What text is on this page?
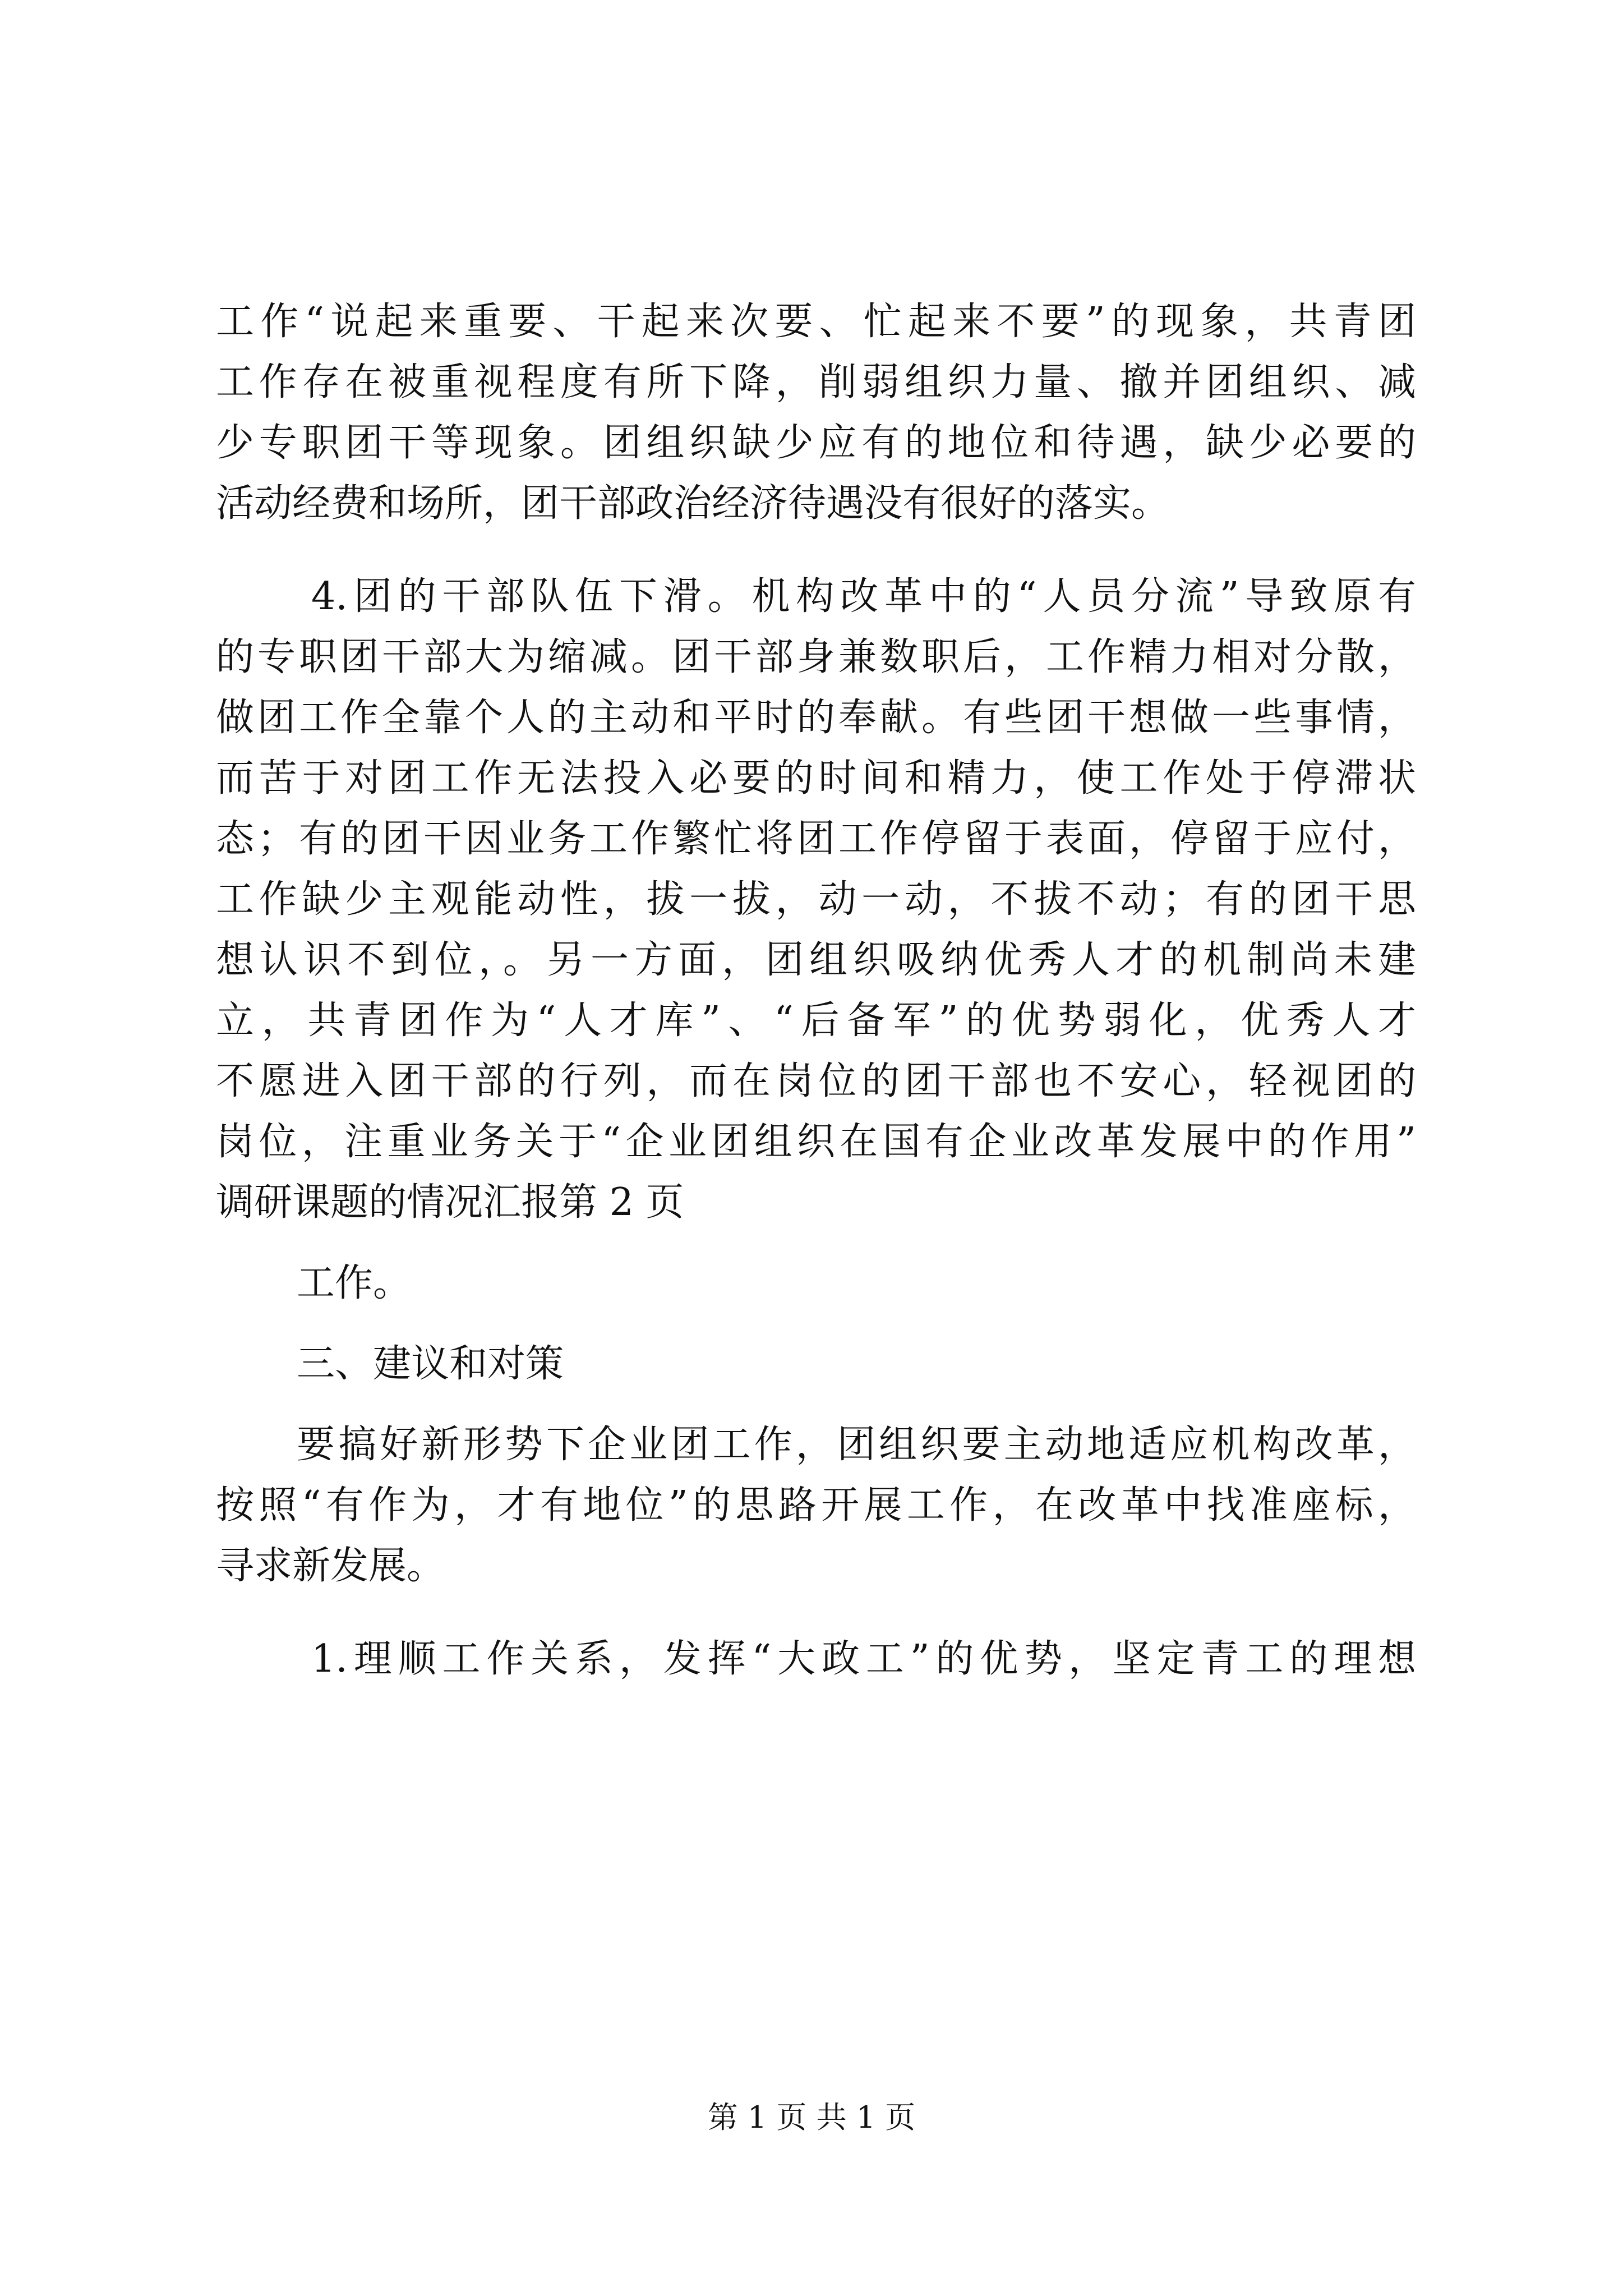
工作“说起来重要、干起来次要、忙起来不要”的现象，共青团
工作存在被重视程度有所下降，削弱组织力量、撤并团组织、减
少专职团干等现象。团组织缺少应有的地位和待遇，缺少必要的
活动经费和场所，团干部政治经济待遇没有很好的落实。
4.团的干部队伍下滑。机构改革中的“人员分流”导致原有
的专职团干部大为缩减。团干部身兼数职后，工作精力相对分散，
做团工作全靠个人的主动和平时的奉献。有些团干想做一些事情，
而苦于对团工作无法投入必要的时间和精力，使工作处于停滞状
态；有的团干因业务工作繁忙将团工作停留于表面，停留于应付，
工作缺少主观能动性，拔一拔，动一动，不拔不动；有的团干思
想认识不到位，。另一方面，团组织吸纳优秀人才的机制尚未建
立，共青团作为“人才库”、“后备军”的优势弱化，优秀人才
不愿进入团干部的行列，而在岗位的团干部也不安心，轻视团的
岗位，注重业务关于“企业团组织在国有企业改革发展中的作用”
调研课题的情况汇报第 2 页
工作。
三、建议和对策
要搞好新形势下企业团工作，团组织要主动地适应机构改革，
按照“有作为，才有地位”的思路开展工作，在改革中找准座标，
寻求新发展。
1.理顺工作关系，发挥“大政工”的优势，坚定青工的理想
第 1 页 共 1 页
